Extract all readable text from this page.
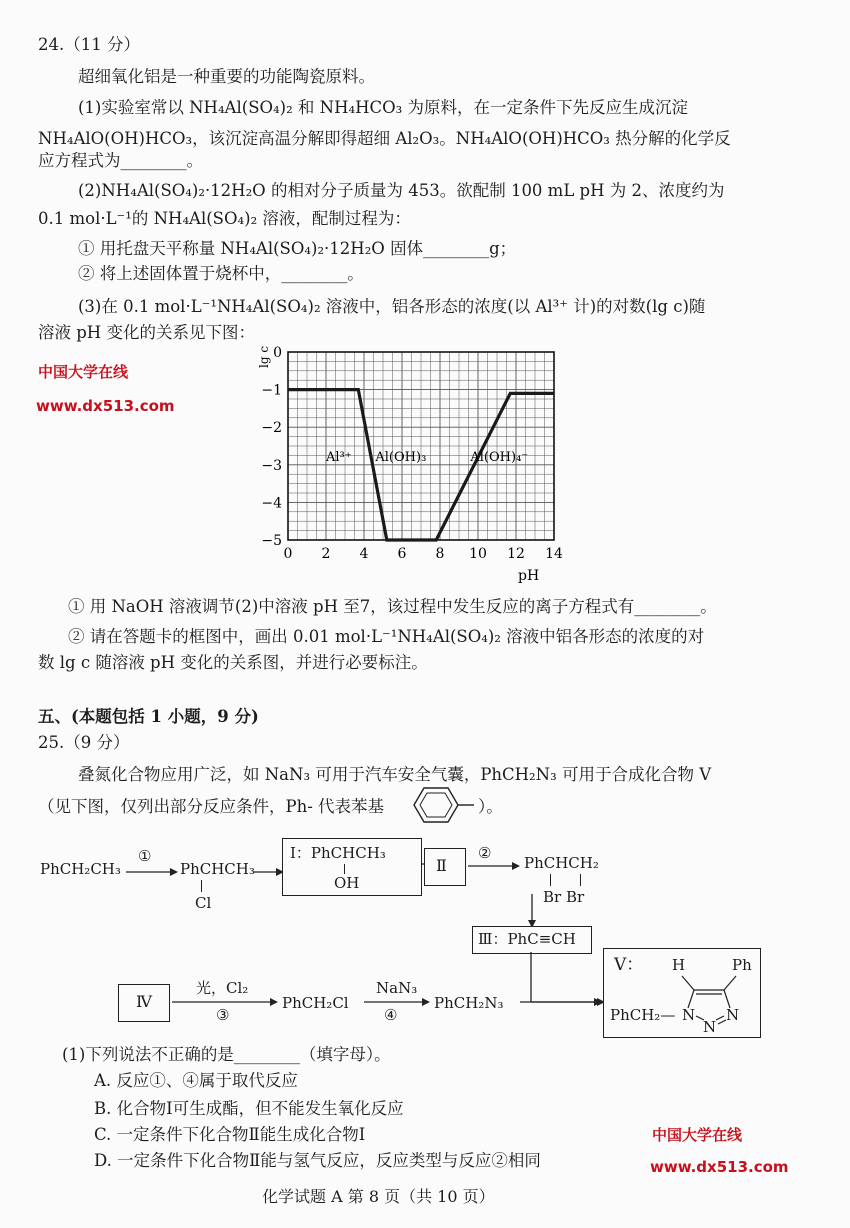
24.（11 分）
超细氧化铝是一种重要的功能陶瓷原料。
(1)实验室常以 NH₄Al(SO₄)₂ 和 NH₄HCO₃ 为原料，在一定条件下先反应生成沉淀
NH₄AlO(OH)HCO₃，该沉淀高温分解即得超细 Al₂O₃。NH₄AlO(OH)HCO₃ 热分解的化学反
应方程式为________。
(2)NH₄Al(SO₄)₂·12H₂O 的相对分子质量为 453。欲配制 100 mL pH 为 2、浓度约为
0.1 mol·L⁻¹的 NH₄Al(SO₄)₂ 溶液，配制过程为：
① 用托盘天平称量 NH₄Al(SO₄)₂·12H₂O 固体________g；
② 将上述固体置于烧杯中，________。
(3)在 0.1 mol·L⁻¹NH₄Al(SO₄)₂ 溶液中，铝各形态的浓度(以 Al³⁺ 计)的对数(lg c)随
溶液 pH 变化的关系见下图：
中国大学在线
www.dx513.com
0 2 4 6 8 10 12 14
0
−1
−2
−3
−4
−5
Al³⁺ Al(OH)₃	Al(OH)₄⁻
pH
lg c
① 用 NaOH 溶液调节(2)中溶液 pH 至7，该过程中发生反应的离子方程式有________。
② 请在答题卡的框图中，画出 0.01 mol·L⁻¹NH₄Al(SO₄)₂ 溶液中铝各形态的浓度的对
数 lg c 随溶液 pH 变化的关系图，并进行必要标注。
五、(本题包括 1 小题，9 分)
25.（9 分）
叠氮化合物应用广泛，如 NaN₃ 可用于汽车安全气囊，PhCH₂N₃ 可用于合成化合物 V
（见下图，仅列出部分反应条件，Ph- 代表苯基	）。
PhCH₂CH₃
①
PhCHCH₃
Cl
Ⅰ：PhCHCH₃
OH
Ⅱ
②
PhCHCH₂
Br Br
Ⅲ：PhC≡CH
Ⅳ
光，Cl₂
③
PhCH₂Cl
NaN₃
④
PhCH₂N₃
V： H	Ph
PhCH₂— N
N
N
(1)下列说法不正确的是________（填字母）。
A. 反应①、④属于取代反应
B. 化合物Ⅰ可生成酯，但不能发生氧化反应
C. 一定条件下化合物Ⅱ能生成化合物Ⅰ
D. 一定条件下化合物Ⅱ能与氢气反应，反应类型与反应②相同
中国大学在线
www.dx513.com
化学试题 A 第 8 页（共 10 页）
